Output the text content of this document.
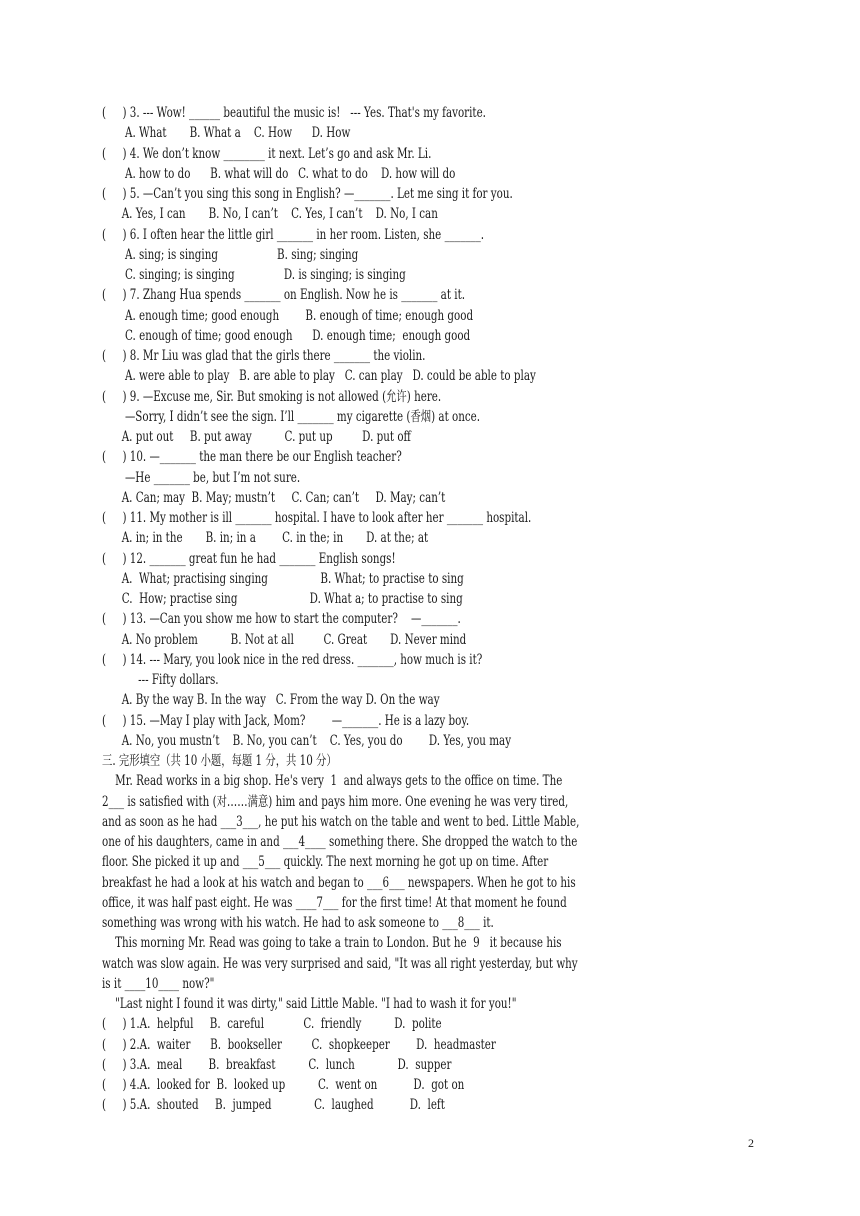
(     ) 3. --- Wow! ______ beautiful the music is!   --- Yes. That's my favorite.
A. What       B. What a    C. How      D. How
(     ) 4. We don’t know ________ it next. Let’s go and ask Mr. Li.
A. how to do      B. what will do   C. what to do    D. how will do
(     ) 5. —Can’t you sing this song in English? —_______. Let me sing it for you.
A. Yes, I can       B. No, I can’t    C. Yes, I can’t    D. No, I can
(     ) 6. I often hear the little girl _______ in her room. Listen, she _______.
A. sing; is singing                  B. sing; singing
C. singing; is singing               D. is singing; is singing
(     ) 7. Zhang Hua spends _______ on English. Now he is _______ at it.
A. enough time; good enough        B. enough of time; enough good
C. enough of time; good enough      D. enough time;  enough good
(     ) 8. Mr Liu was glad that the girls there _______ the violin.
A. were able to play   B. are able to play   C. can play   D. could be able to play
(     ) 9. —Excuse me, Sir. But smoking is not allowed (允许) here.
—Sorry, I didn’t see the sign. I’ll _______ my cigarette (香烟) at once.
A. put out     B. put away          C. put up         D. put off
(     ) 10. —_______ the man there be our English teacher?
—He _______ be, but I’m not sure.
A. Can; may  B. May; mustn’t     C. Can; can’t     D. May; can’t
(     ) 11. My mother is ill _______ hospital. I have to look after her _______ hospital.
A. in; in the       B. in; in a        C. in the; in       D. at the; at
(     ) 12. _______ great fun he had _______ English songs!
A.  What; practising singing                B. What; to practise to sing
C.  How; practise sing                      D. What a; to practise to sing
(     ) 13. —Can you show me how to start the computer?    —_______.
A. No problem          B. Not at all         C. Great       D. Never mind
(     ) 14. --- Mary, you look nice in the red dress. _______, how much is it?
--- Fifty dollars.
A. By the way B. In the way   C. From the way D. On the way
(     ) 15. —May I play with Jack, Mom?        —_______. He is a lazy boy.
A. No, you mustn’t    B. No, you can’t    C. Yes, you do        D. Yes, you may
三. 完形填空（共 10 小题，每题 1 分，共 10 分）
Mr. Read works in a big shop. He's very  1  and always gets to the office on time. The
2___ is satisfied with (对……满意) him and pays him more. One evening he was very tired,
and as soon as he had ___3___, he put his watch on the table and went to bed. Little Mable,
one of his daughters, came in and ___4____ something there. She dropped the watch to the
floor. She picked it up and ___5___ quickly. The next morning he got up on time. After
breakfast he had a look at his watch and began to ___6___ newspapers. When he got to his
office, it was half past eight. He was ____7___ for the first time! At that moment he found
something was wrong with his watch. He had to ask someone to ___8___ it.
This morning Mr. Read was going to take a train to London. But he  9   it because his
watch was slow again. He was very surprised and said, "It was all right yesterday, but why
is it ____10____ now?"
"Last night I found it was dirty," said Little Mable. "I had to wash it for you!"
(     ) 1.A.  helpful     B.  careful            C.  friendly          D.  polite
(     ) 2.A.  waiter      B.  bookseller         C.  shopkeeper        D.  headmaster
(     ) 3.A.  meal        B.  breakfast          C.  lunch             D.  supper
(     ) 4.A.  looked for  B.  looked up          C.  went on           D.  got on
(     ) 5.A.  shouted     B.  jumped             C.  laughed           D.  left
2
